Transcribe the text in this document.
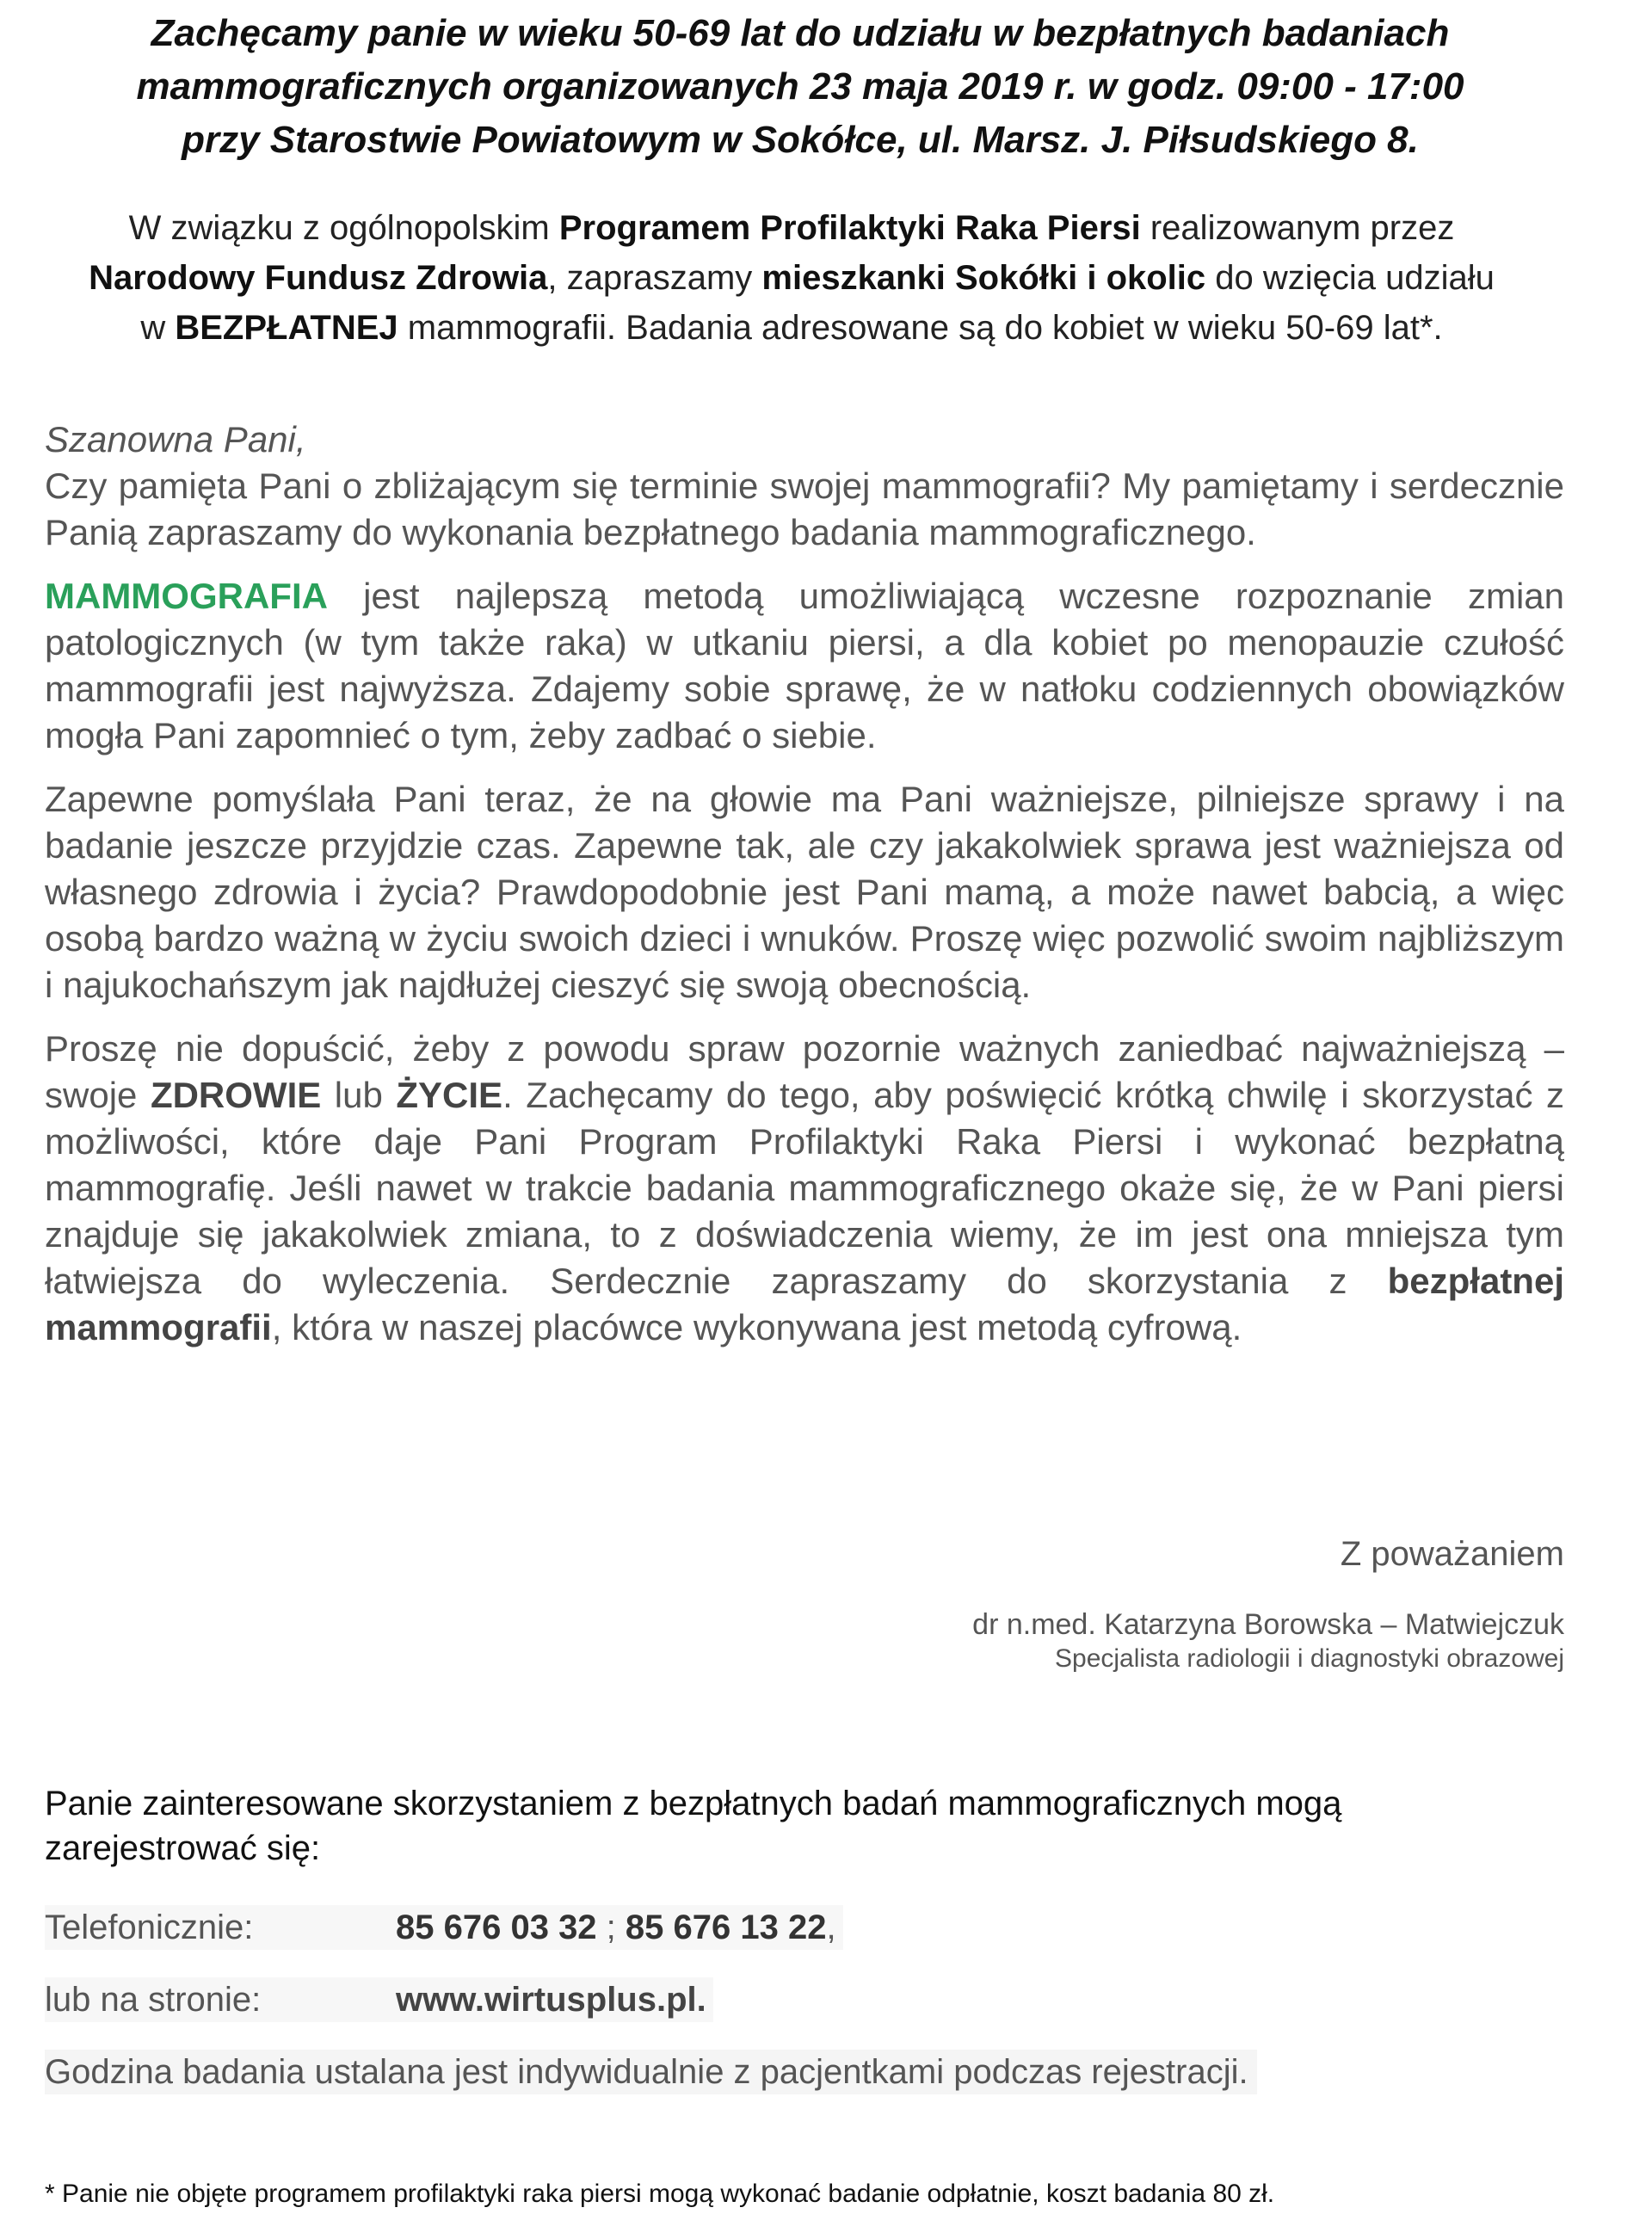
Zachęcamy panie w wieku 50-69 lat do udziału w bezpłatnych badaniach
mammograficznych organizowanych 23 maja 2019 r. w godz. 09:00 - 17:00
przy Starostwie Powiatowym w Sokółce, ul. Marsz. J. Piłsudskiego 8.
W związku z ogólnopolskim Programem Profilaktyki Raka Piersi realizowanym przez
Narodowy Fundusz Zdrowia, zapraszamy mieszkanki Sokółki i okolic do wzięcia udziału
w BEZPŁATNEJ mammografii. Badania adresowane są do kobiet w wieku 50-69 lat*.
Szanowna Pani,

Czy pamięta Pani o zbliżającym się terminie swojej mammografii? My pamiętamy i serdecznie Panią zapraszamy do wykonania bezpłatnego badania mammograficznego.

MAMMOGRAFIA jest najlepszą metodą umożliwiającą wczesne rozpoznanie zmian patologicznych (w tym także raka) w utkaniu piersi, a dla kobiet po menopauzie czułość mammografii jest najwyższa. Zdajemy sobie sprawę, że w natłoku codziennych obowiązków mogła Pani zapomnieć o tym, żeby zadbać o siebie.

Zapewne pomyślała Pani teraz, że na głowie ma Pani ważniejsze, pilniejsze sprawy i na badanie jeszcze przyjdzie czas. Zapewne tak, ale czy jakakolwiek sprawa jest ważniejsza od własnego zdrowia i życia? Prawdopodobnie jest Pani mamą, a może nawet babcią, a więc osobą bardzo ważną w życiu swoich dzieci i wnuków. Proszę więc pozwolić swoim najbliższym i najukochańszym jak najdłużej cieszyć się swoją obecnością.

Proszę nie dopuścić, żeby z powodu spraw pozornie ważnych zaniedbać najważniejszą – swoje ZDROWIE lub ŻYCIE. Zachęcamy do tego, aby poświęcić krótką chwilę i skorzystać z możliwości, które daje Pani Program Profilaktyki Raka Piersi i wykonać bezpłatną mammografię. Jeśli nawet w trakcie badania mammograficznego okaże się, że w Pani piersi znajduje się jakakolwiek zmiana, to z doświadczenia wiemy, że im jest ona mniejsza tym łatwiejsza do wyleczenia. Serdecznie zapraszamy do skorzystania z bezpłatnej mammografii, która w naszej placówce wykonywana jest metodą cyfrową.

Z poważaniem
dr n.med. Katarzyna Borowska – Matwiejczuk
Specjalista radiologii i diagnostyki obrazowej
Panie zainteresowane skorzystaniem z bezpłatnych badań mammograficznych mogą zarejestrować się:
Telefonicznie:	85 676 03 32 ; 85 676 13 22,
lub na stronie:	www.wirtusplus.pl.
Godzina badania ustalana jest indywidualnie z pacjentkami podczas rejestracji.
* Panie nie objęte programem profilaktyki raka piersi mogą wykonać badanie odpłatnie, koszt badania 80 zł.
